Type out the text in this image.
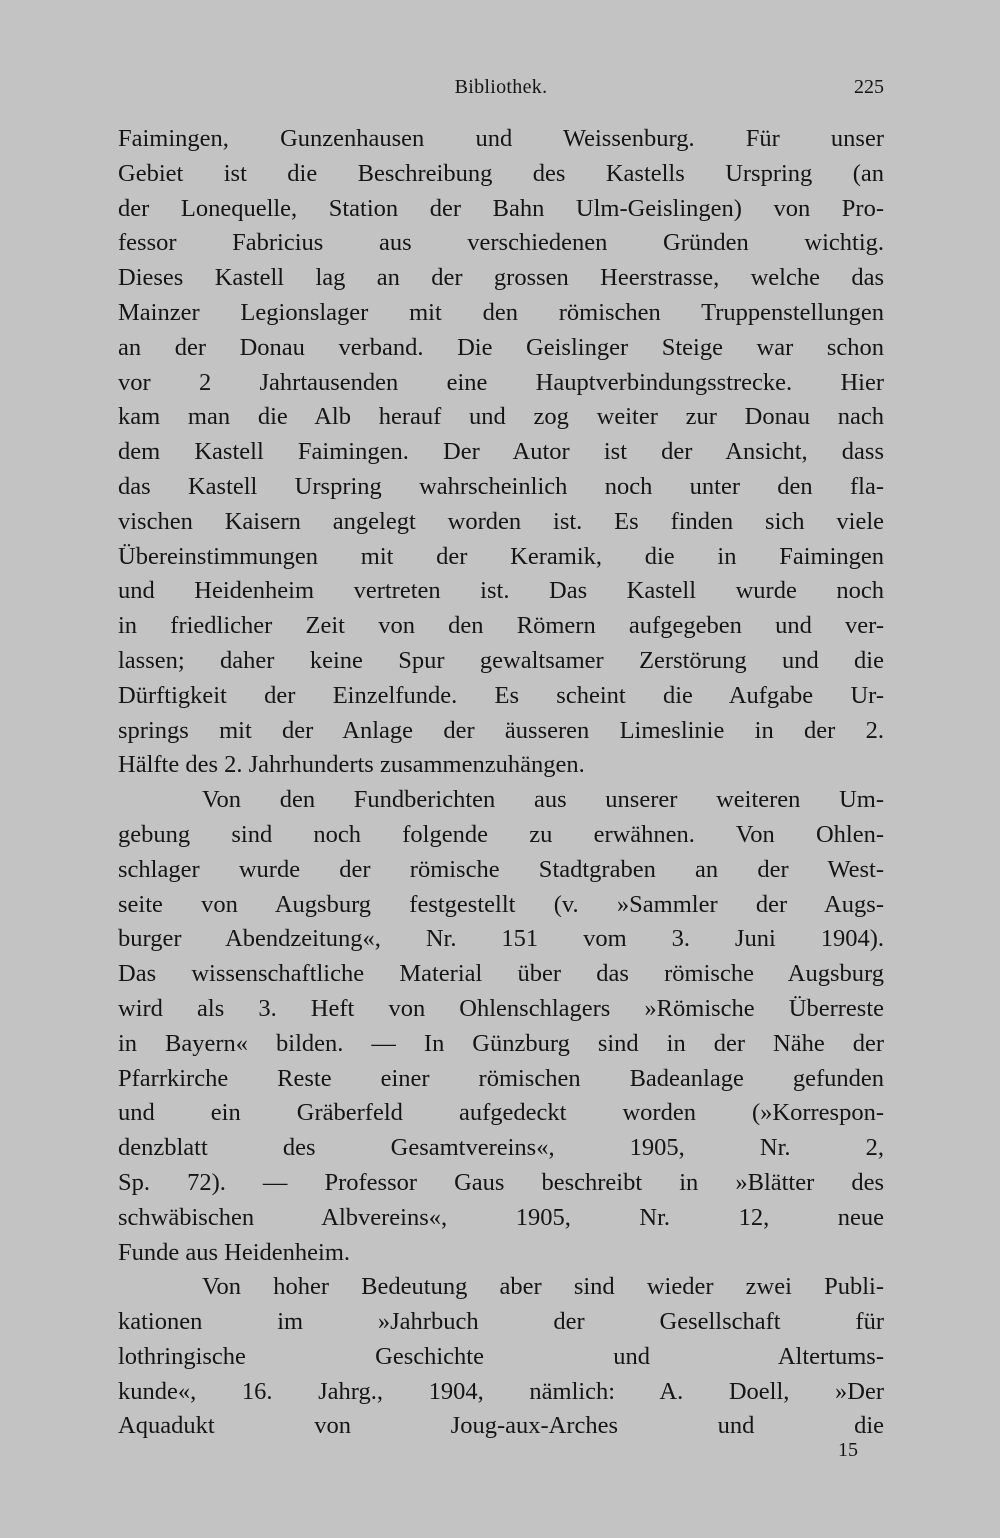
Bibliothek.	225
Faimingen, Gunzenhausen und Weissenburg. Für unser
Gebiet ist die Beschreibung des Kastells Urspring (an
der Lonequelle, Station der Bahn Ulm-Geislingen) von Pro-
fessor Fabricius aus verschiedenen Gründen wichtig.
Dieses Kastell lag an der grossen Heerstrasse, welche das
Mainzer Legionslager mit den römischen Truppenstellungen
an der Donau verband. Die Geislinger Steige war schon
vor 2 Jahrtausenden eine Hauptverbindungsstrecke. Hier
kam man die Alb herauf und zog weiter zur Donau nach
dem Kastell Faimingen. Der Autor ist der Ansicht, dass
das Kastell Urspring wahrscheinlich noch unter den fla-
vischen Kaisern angelegt worden ist. Es finden sich viele
Übereinstimmungen mit der Keramik, die in Faimingen
und Heidenheim vertreten ist. Das Kastell wurde noch
in friedlicher Zeit von den Römern aufgegeben und ver-
lassen; daher keine Spur gewaltsamer Zerstörung und die
Dürftigkeit der Einzelfunde. Es scheint die Aufgabe Ur-
springs mit der Anlage der äusseren Limeslinie in der 2.
Hälfte des 2. Jahrhunderts zusammenzuhängen.
Von den Fundberichten aus unserer weiteren Um-
gebung sind noch folgende zu erwähnen. Von Ohlen-
schlager wurde der römische Stadtgraben an der West-
seite von Augsburg festgestellt (v. »Sammler der Augs-
burger Abendzeitung«, Nr. 151 vom 3. Juni 1904).
Das wissenschaftliche Material über das römische Augsburg
wird als 3. Heft von Ohlenschlagers »Römische Überreste
in Bayern« bilden. — In Günzburg sind in der Nähe der
Pfarrkirche Reste einer römischen Badeanlage gefunden
und ein Gräberfeld aufgedeckt worden (»Korrespon-
denzblatt des Gesamtvereins«, 1905, Nr. 2,
Sp. 72). — Professor Gaus beschreibt in »Blätter des
schwäbischen Albvereins«, 1905, Nr. 12, neue
Funde aus Heidenheim.
Von hoher Bedeutung aber sind wieder zwei Publi-
kationen im »Jahrbuch der Gesellschaft für
lothringische Geschichte und Altertums-
kunde«, 16. Jahrg., 1904, nämlich: A. Doell, »Der
Aquadukt von Joug-aux-Arches und die
15
